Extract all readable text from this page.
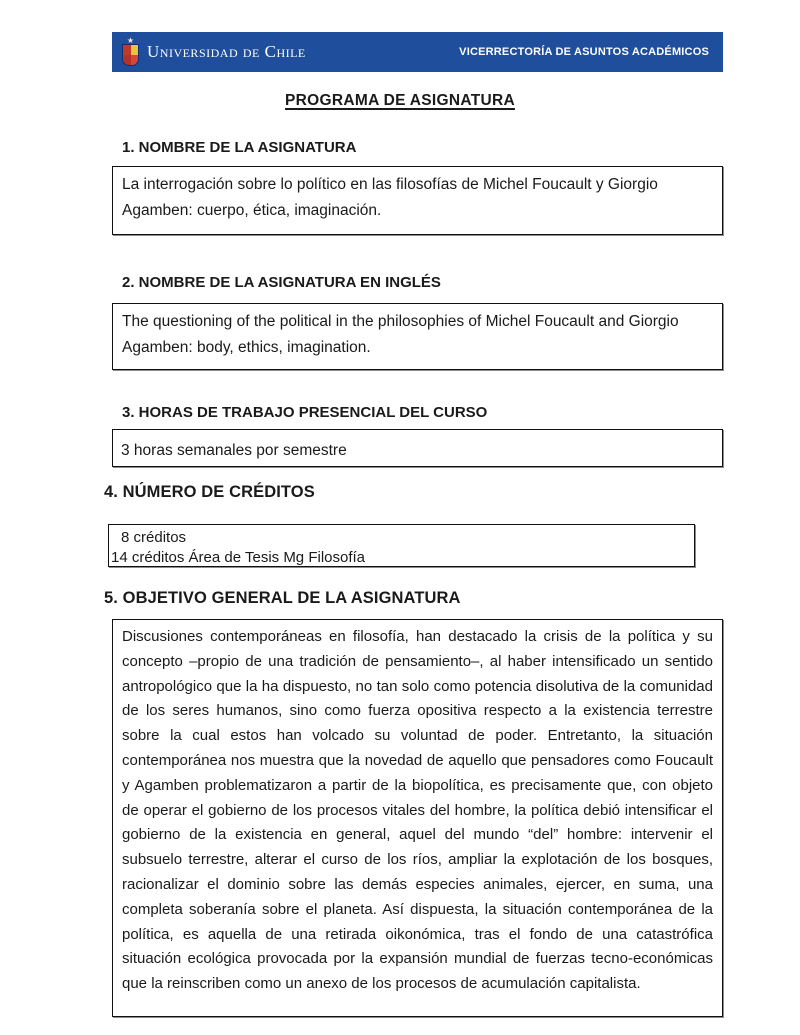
★
Universidad de Chile	VICERRECTORÍA DE ASUNTOS ACADÉMICOS
PROGRAMA DE ASIGNATURA
1. NOMBRE DE LA ASIGNATURA
La interrogación sobre lo político en las filosofías de Michel Foucault y Giorgio Agamben: cuerpo, ética, imaginación.
2. NOMBRE DE LA ASIGNATURA EN INGLÉS
The questioning of the political in the philosophies of Michel Foucault and Giorgio Agamben: body, ethics, imagination.
3. HORAS DE TRABAJO PRESENCIAL DEL CURSO
3 horas semanales por semestre
4. NÚMERO DE CRÉDITOS
8 créditos
14 créditos Área de Tesis Mg Filosofía
5. OBJETIVO GENERAL DE LA ASIGNATURA
Discusiones contemporáneas en filosofía, han destacado la crisis de la política y su concepto –propio de una tradición de pensamiento–, al haber intensificado un sentido antropológico que la ha dispuesto, no tan solo como potencia disolutiva de la comunidad de los seres humanos, sino como fuerza opositiva respecto a la existencia terrestre sobre la cual estos han volcado su voluntad de poder. Entretanto, la situación contemporánea nos muestra que la novedad de aquello que pensadores como Foucault y Agamben problematizaron a partir de la biopolítica, es precisamente que, con objeto de operar el gobierno de los procesos vitales del hombre, la política debió intensificar el gobierno de la existencia en general, aquel del mundo “del” hombre: intervenir el subsuelo terrestre, alterar el curso de los ríos, ampliar la explotación de los bosques, racionalizar el dominio sobre las demás especies animales, ejercer, en suma, una completa soberanía sobre el planeta. Así dispuesta, la situación contemporánea de la política, es aquella de una retirada oikonómica, tras el fondo de una catastrófica situación ecológica provocada por la expansión mundial de fuerzas tecno-económicas que la reinscriben como un anexo de los procesos de acumulación capitalista.
